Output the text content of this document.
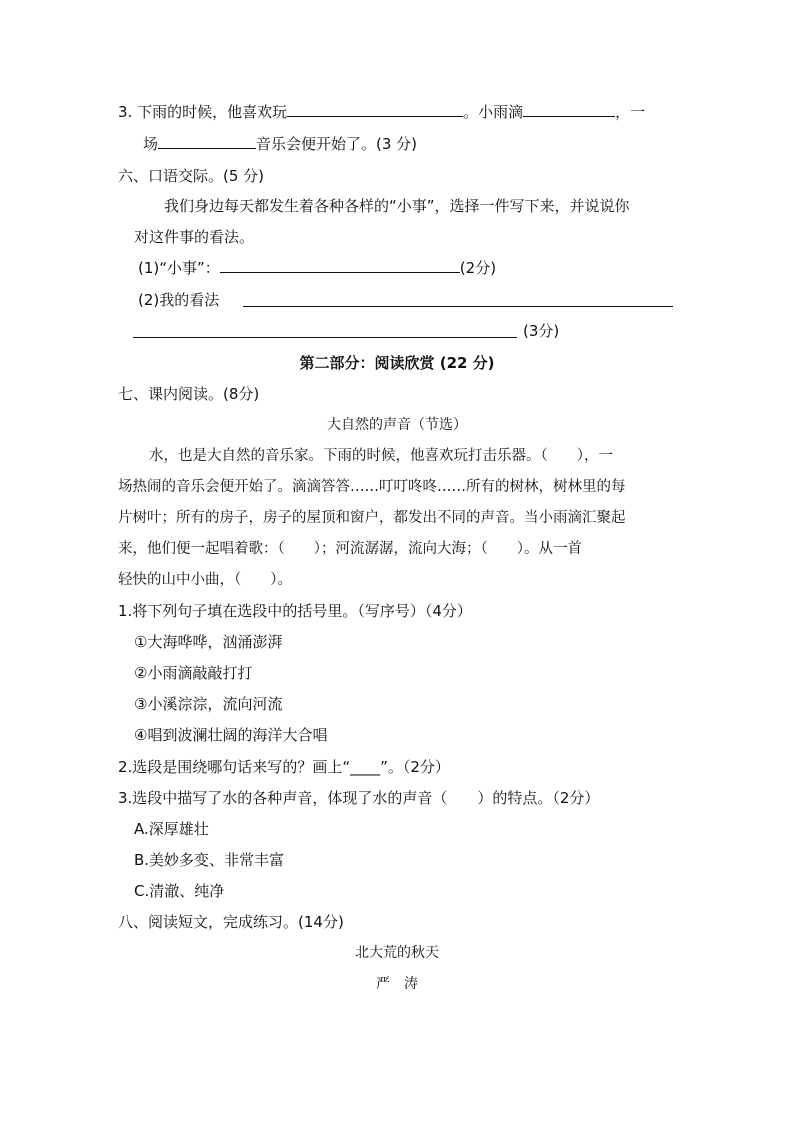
3. 下雨的时候，他喜欢玩	。小雨滴	，一
场	音乐会便开始了。(3 分)
六、口语交际。(5 分)
我们身边每天都发生着各种各样的“小事”，选择一件写下来，并说说你
对这件事的看法。
(1)“小事”：	(2分)
(2)我的看法
(3分)
第二部分：阅读欣赏 (22 分)
七、课内阅读。(8分)
大自然的声音（节选）
水，也是大自然的音乐家。下雨的时候，他喜欢玩打击乐器。（　　），一
场热闹的音乐会便开始了。滴滴答答……叮叮咚咚……所有的树林，树林里的每
片树叶；所有的房子，房子的屋顶和窗户，都发出不同的声音。当小雨滴汇聚起
来，他们便一起唱着歌：（　　）；河流潺潺，流向大海；（　　）。从一首
轻快的山中小曲，（　　）。
1.将下列句子填在选段中的括号里。（写序号）（4分）
①大海哗哗，汹涌澎湃
②小雨滴敲敲打打
③小溪淙淙，流向河流
④唱到波澜壮阔的海洋大合唱
2.选段是围绕哪句话来写的？画上“____”。（2分）
3.选段中描写了水的各种声音，体现了水的声音（　　）的特点。（2分）
A.深厚雄壮
B.美妙多变、非常丰富
C.清澈、纯净
八、阅读短文，完成练习。(14分)
北大荒的秋天
严　涛
